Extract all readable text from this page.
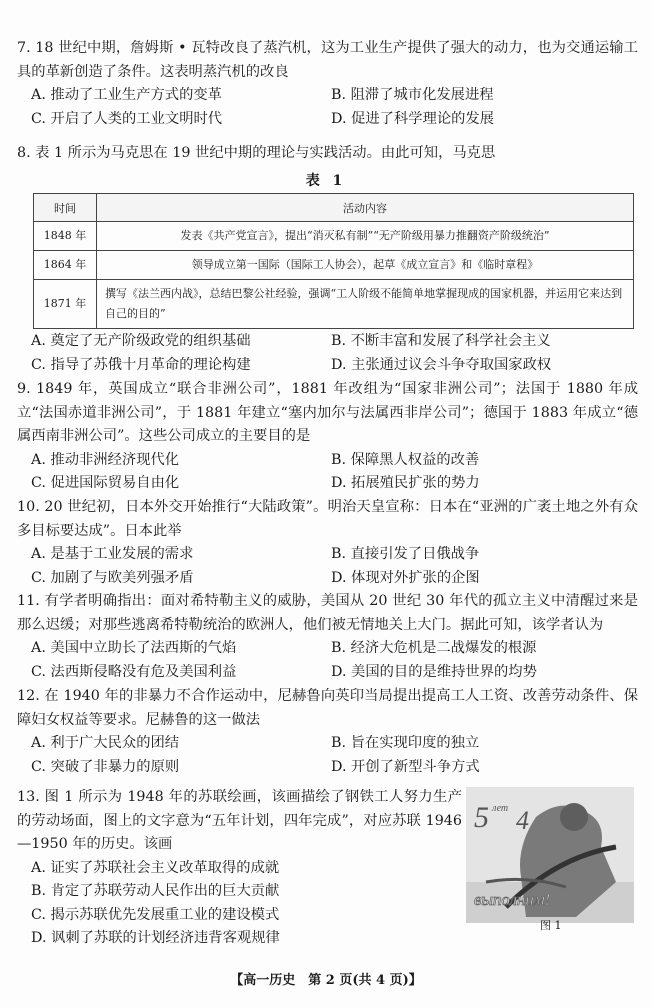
7. 18 世纪中期，詹姆斯 • 瓦特改良了蒸汽机，这为工业生产提供了强大的动力，也为交通运输工具的革新创造了条件。这表明蒸汽机的改良

A. 推动了工业生产方式的变革	B. 阻滞了城市化发展进程
C. 开启了人类的工业文明时代	D. 促进了科学理论的发展

8. 表 1 所示为马克思在 19 世纪中期的理论与实践活动。由此可知，马克思

表 1
时间	活动内容
1848 年	发表《共产党宣言》，提出“消灭私有制”“无产阶级用暴力推翻资产阶级统治”
1864 年	领导成立第一国际（国际工人协会），起草《成立宣言》和《临时章程》
1871 年	撰写《法兰西内战》，总结巴黎公社经验，强调“工人阶级不能简单地掌握现成的国家机器，并运用它来达到自己的目的”
A. 奠定了无产阶级政党的组织基础	B. 不断丰富和发展了科学社会主义
C. 指导了苏俄十月革命的理论构建	D. 主张通过议会斗争夺取国家政权

9. 1849 年，英国成立“联合非洲公司”，1881 年改组为“国家非洲公司”；法国于 1880 年成立“法国赤道非洲公司”，于 1881 年建立“塞内加尔与法属西非岸公司”；德国于 1883 年成立“德属西南非洲公司”。这些公司成立的主要目的是

A. 推动非洲经济现代化	B. 保障黑人权益的改善
C. 促进国际贸易自由化	D. 拓展殖民扩张的势力

10. 20 世纪初，日本外交开始推行“大陆政策”。明治天皇宣称：日本在“亚洲的广袤土地之外有众多目标要达成”。日本此举

A. 是基于工业发展的需求	B. 直接引发了日俄战争
C. 加剧了与欧美列强矛盾	D. 体现对外扩张的企图

11. 有学者明确指出：面对希特勒主义的威胁，美国从 20 世纪 30 年代的孤立主义中清醒过来是那么迟缓；对那些逃离希特勒统治的欧洲人，他们被无情地关上大门。据此可知，该学者认为

A. 美国中立助长了法西斯的气焰	B. 经济大危机是二战爆发的根源
C. 法西斯侵略没有危及美国利益	D. 美国的目的是维持世界的均势

12. 在 1940 年的非暴力不合作运动中，尼赫鲁向英印当局提出提高工人工资、改善劳动条件、保障妇女权益等要求。尼赫鲁的这一做法

A. 利于广大民众的团结	B. 旨在实现印度的独立
C. 突破了非暴力的原则	D. 开创了新型斗争方式

13. 图 1 所示为 1948 年的苏联绘画，该画描绘了钢铁工人努力生产的劳动场面，图上的文字意为“五年计划，四年完成”，对应苏联 1946—1950 年的历史。该画

A. 证实了苏联社会主义改革取得的成就
B. 肯定了苏联劳动人民作出的巨大贡献
C. 揭示苏联优先发展重工业的建设模式
D. 讽刺了苏联的计划经济违背客观规律
5 лет 4
выполним!
图 1
【高一历史　第 2 页(共 4 页)】
